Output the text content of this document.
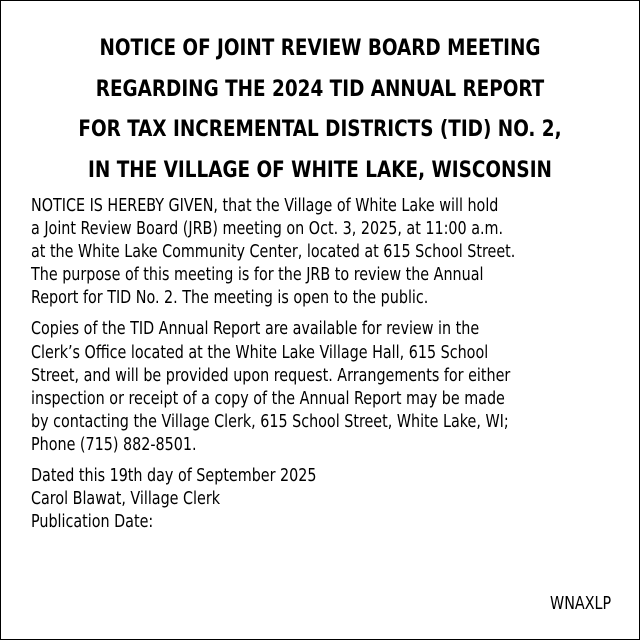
NOTICE OF JOINT REVIEW BOARD MEETING
REGARDING THE 2024 TID ANNUAL REPORT
FOR TAX INCREMENTAL DISTRICTS (TID) NO. 2,
IN THE VILLAGE OF WHITE LAKE, WISCONSIN

NOTICE IS HEREBY GIVEN, that the Village of White Lake will hold
a Joint Review Board (JRB) meeting on Oct. 3, 2025, at 11:00 a.m.
at the White Lake Community Center, located at 615 School Street.
The purpose of this meeting is for the JRB to review the Annual
Report for TID No. 2. The meeting is open to the public.

Copies of the TID Annual Report are available for review in the
Clerk’s Office located at the White Lake Village Hall, 615 School
Street, and will be provided upon request. Arrangements for either
inspection or receipt of a copy of the Annual Report may be made
by contacting the Village Clerk, 615 School Street, White Lake, WI;
Phone (715) 882-8501.

Dated this 19th day of September 2025
Carol Blawat, Village Clerk
Publication Date:

WNAXLP
